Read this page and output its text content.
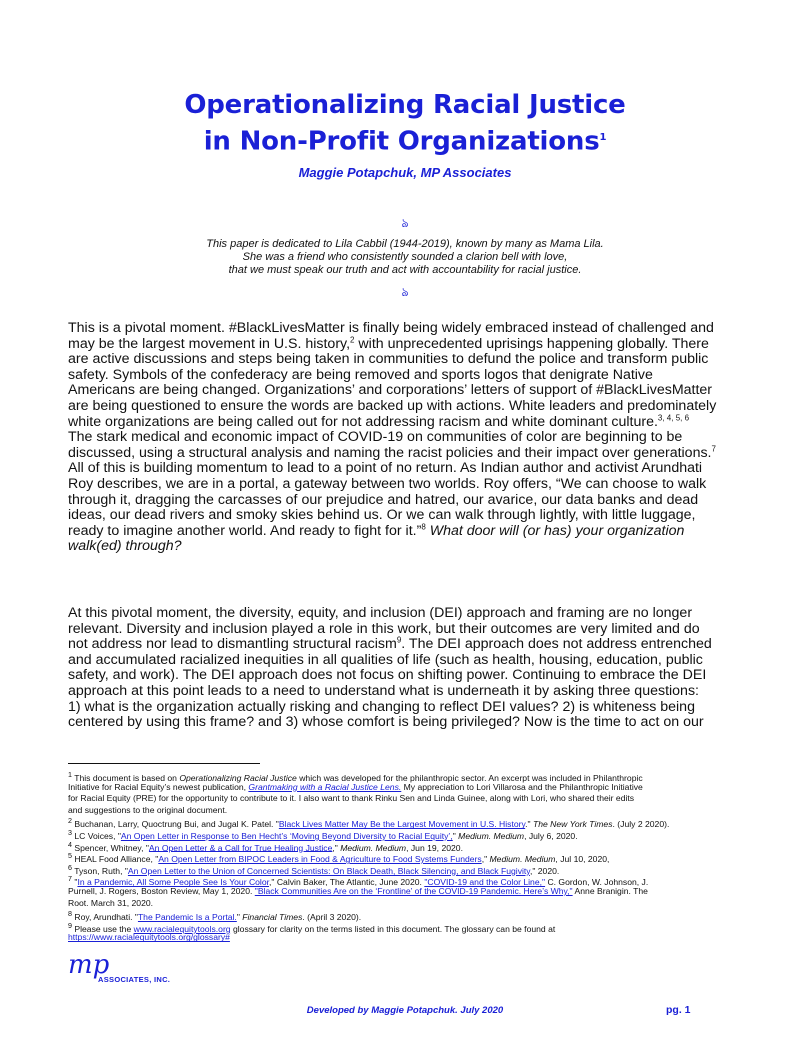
Operationalizing Racial Justice
in Non-Profit Organizations$^1$
Maggie Potapchuk, MP Associates
ঌ
This paper is dedicated to Lila Cabbil (1944-2019), known by many as Mama Lila.
She was a friend who consistently sounded a clarion bell with love,
that we must speak our truth and act with accountability for racial justice.
ঌ
This is a pivotal moment. #BlackLivesMatter is finally being widely embraced instead of challenged and
may be the largest movement in U.S. history,$^2$ with unprecedented uprisings happening globally. There
are active discussions and steps being taken in communities to defund the police and transform public
safety. Symbols of the confederacy are being removed and sports logos that denigrate Native
Americans are being changed. Organizations’ and corporations’ letters of support of #BlackLivesMatter
are being questioned to ensure the words are backed up with actions. White leaders and predominately
white organizations are being called out for not addressing racism and white dominant culture.$^{3, 4, 5, 6}$
The stark medical and economic impact of COVID-19 on communities of color are beginning to be
discussed, using a structural analysis and naming the racist policies and their impact over generations.$^7$
All of this is building momentum to lead to a point of no return. As Indian author and activist Arundhati
Roy describes, we are in a portal, a gateway between two worlds. Roy offers, “We can choose to walk
through it, dragging the carcasses of our prejudice and hatred, our avarice, our data banks and dead
ideas, our dead rivers and smoky skies behind us. Or we can walk through lightly, with little luggage,
ready to imagine another world. And ready to fight for it.”$^8$ What door will (or has) your organization
walk(ed) through?
At this pivotal moment, the diversity, equity, and inclusion (DEI) approach and framing are no longer
relevant. Diversity and inclusion played a role in this work, but their outcomes are very limited and do
not address nor lead to dismantling structural racism$^9$. The DEI approach does not address entrenched
and accumulated racialized inequities in all qualities of life (such as health, housing, education, public
safety, and work). The DEI approach does not focus on shifting power. Continuing to embrace the DEI
approach at this point leads to a need to understand what is underneath it by asking three questions:
1) what is the organization actually risking and changing to reflect DEI values? 2) is whiteness being
centered by using this frame? and 3) whose comfort is being privileged? Now is the time to act on our
$^1$ This document is based on Operationalizing Racial Justice which was developed for the philanthropic sector. An excerpt was included in Philanthropic
Initiative for Racial Equity’s newest publication, Grantmaking with a Racial Justice Lens. My appreciation to Lori Villarosa and the Philanthropic Initiative
for Racial Equity (PRE) for the opportunity to contribute to it. I also want to thank Rinku Sen and Linda Guinee, along with Lori, who shared their edits
and suggestions to the original document.
$^2$ Buchanan, Larry, Quoctrung Bui, and Jugal K. Patel. "Black Lives Matter May Be the Largest Movement in U.S. History." The New York Times. (July 2 2020).
$^3$ LC Voices, "An Open Letter in Response to Ben Hecht’s ‘Moving Beyond Diversity to Racial Equity’," Medium. Medium, July 6, 2020.
$^4$ Spencer, Whitney, "An Open Letter & a Call for True Healing Justice," Medium. Medium, Jun 19, 2020.
$^5$ HEAL Food Alliance, "An Open Letter from BIPOC Leaders in Food & Agriculture to Food Systems Funders," Medium. Medium, Jul 10, 2020,
$^6$ Tyson, Ruth, "An Open Letter to the Union of Concerned Scientists: On Black Death, Black Silencing, and Black Fugivity," 2020.
$^7$ "In a Pandemic, All Some People See Is Your Color," Calvin Baker, The Atlantic, June 2020. "COVID-19 and the Color Line," C. Gordon, W. Johnson, J.
Purnell, J. Rogers, Boston Review, May 1, 2020. "Black Communities Are on the ‘Frontline’ of the COVID-19 Pandemic. Here’s Why," Anne Branigin. The
Root. March 31, 2020.
$^8$ Roy, Arundhati. "The Pandemic Is a Portal." Financial Times. (April 3 2020).
$^9$ Please use the www.racialequitytools.org glossary for clarity on the terms listed in this document. The glossary can be found at
https://www.racialequitytools.org/glossary#
mp
ASSOCIATES, INC.
Developed by Maggie Potapchuk. July 2020	pg. 1
